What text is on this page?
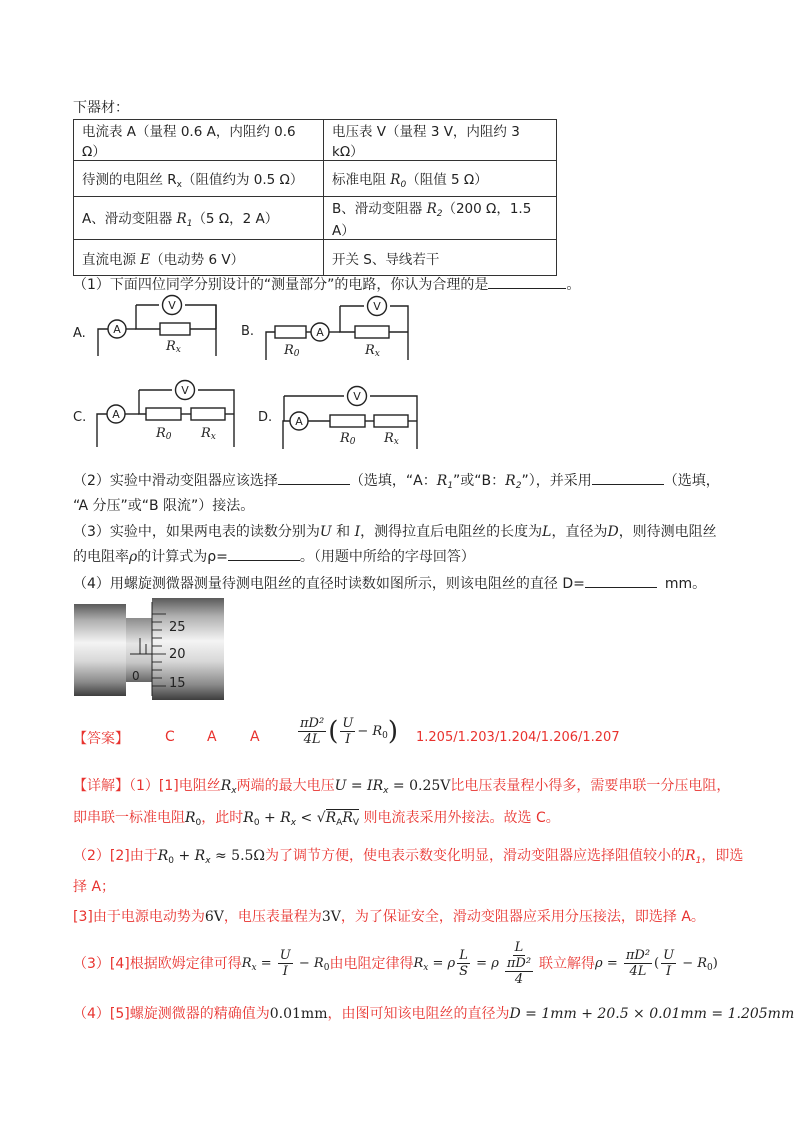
下器材：
电流表 A（量程 0.6 A，内阻约 0.6 Ω）	电压表 V（量程 3 V，内阻约 3 kΩ）
待测的电阻丝 $R_x$（阻值约为 0.5 Ω）	标准电阻 $R_0$（阻值 5 Ω）
A、滑动变阻器 $R_1(5$ Ω，2 A）	B、滑动变阻器 $R_2(200$ Ω，1.5 A）
直流电源 E（电动势 6 V）	开关 S、导线若干
（1）下面四位同学分别设计的“测量部分”的电路，你认为合理的是	。
A
V
A
V
A
V
A
V
Rx	R0	Rx
R0 Rx	R0 Rx
A.	B.
C.	D.
（2）实验中滑动变阻器应该选择	（选填，“A：$R_1$”或“B：$R_2$”），并采用	（选填，
“A 分压”或“B 限流”）接法。
（3）实验中，如果两电表的读数分别为U 和 I，测得拉直后电阻丝的长度为L，直径为D，则待测电阻丝
的电阻率ρ的计算式为ρ=	。（用题中所给的字母回答）
（4）用螺旋测微器测量待测电阻丝的直径时读数如图所示，则该电阻丝的直径 D=	mm。
25
20
15
0
【答案】	C A A	$\frac{\text{πD²}}{4L}$ ( $\frac{U}{I} - R_0$) 1.205/1.203/1.204/1.206/1.207
【详解】（1）[1]电阻丝$R_x$两端的最大电压$U = IR_x = 0.25V$比电压表量程小得多，需要串联一分压电阻，
即串联一标准电阻$R_0$，此时$R_0 + R_x < √R_AR_V$ 则电流表采用外接法。故选 C。
（2）[2]由于$R_0 + R_x \approx 5.5\Omega$为了调节方便，使电表示数变化明显，滑动变阻器应选择阻值较小的$R_1$，即选
择 A；
[3]由于电源电动势为6V，电压表量程为3V，为了保证安全，滑动变阻器应采用分压接法，即选择 A。
（3）[4]根据欧姆定律可得 $R_x = \frac{U}{I} - R_0$ 由电阻定律得 $R_x = \rho \frac{L}{S} = \rho \frac{L}{\frac{\text{πD²}}{4}}$ 联立解得 $\rho = \frac{\text{πD²}}{4L}$ ( $\frac{U}{I} - R_0$)
（4）[5]螺旋测微器的精确值为0.01mm，由图可知该电阻丝的直径为D = 1mm + 20.5 × 0.01mm = 1.205mm
